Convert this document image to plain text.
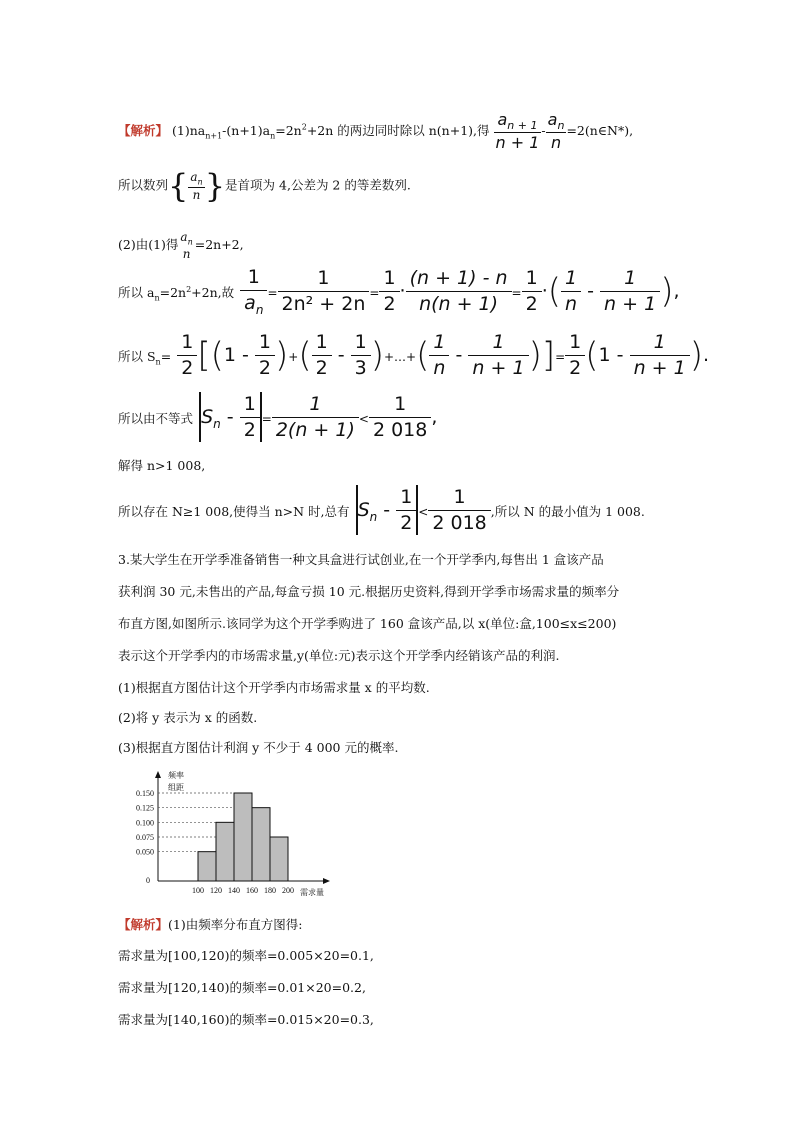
【解析】 $(1)na_{n+1}-(n+1)a_n=2n^2+2n$ 的两边同时除以 n(n+1),得 $\frac{a_{n + 1}}{n + 1} - \frac{a_n}{n}$ =2(n∈N*),
所以数列{ $\frac{a_n}{n}$ }是首项为 4,公差为 2 的等差数列.
(2)由(1)得
$a_n$
n
=2n+2,
所以 $a_n=2n^2+2n$,故 $\frac{1}{a_n} = \frac{1}{\text{2n² + 2n}} = \frac{1}{2} \cdot \frac{(n + 1) - n}{n(n + 1)} = \frac{1}{2}$ ·( $\frac{1}{n} - \frac{1}{n + 1}$ ),
所以 $S_n= \frac{1}{2} [(1 - \frac{1}{2}$ )+( $\frac{1}{2} - \frac{1}{3}$ )+…+( $\frac{1}{n} - \frac{1}{n + 1}$ )]= $\frac{1}{2} (1 - \frac{1}{n + 1}$ ).
所以由不等式 $S_n - \frac{1}{2} = \frac{1}{2(n + 1)} < \frac{1}{2 018}$ ,
解得 n>1 008,
所以存在 N≥1 008,使得当 n>N 时,总有 $S_n - \frac{1}{2} < \frac{1}{2 018}$ ,所以 N 的最小值为 1 008.
3.某大学生在开学季准备销售一种文具盒进行试创业,在一个开学季内,每售出 1 盒该产品
获利润 30 元,未售出的产品,每盒亏损 10 元.根据历史资料,得到开学季市场需求量的频率分
布直方图,如图所示.该同学为这个开学季购进了 160 盒该产品,以 x(单位:盒,100≤x≤200)
表示这个开学季内的市场需求量,y(单位:元)表示这个开学季内经销该产品的利润.
(1)根据直方图估计这个开学季内市场需求量 x 的平均数.
(2)将 y 表示为 x 的函数.
(3)根据直方图估计利润 y 不少于 4 000 元的概率.
频率
组距
需求量
0
0.050
0.075
0.100
0.125
0.150
100 120 140 160 180 200
【解析】(1)由频率分布直方图得:
需求量为[100,120)的频率=0.005×20=0.1,
需求量为[120,140)的频率=0.01×20=0.2,
需求量为[140,160)的频率=0.015×20=0.3,
